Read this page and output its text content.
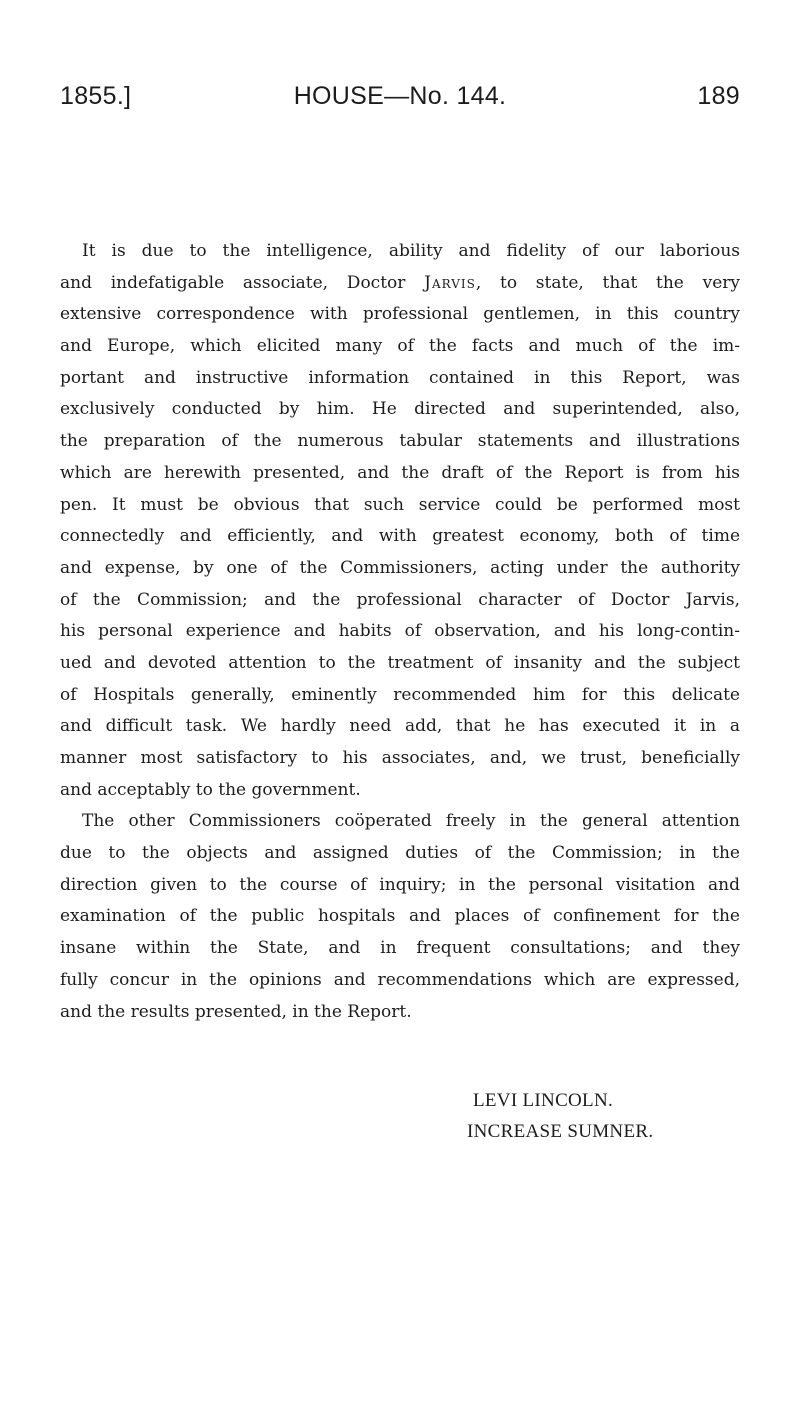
1855.]	HOUSE—No. 144.	189
It is due to the intelligence, ability and fidelity of our laborious
and indefatigable associate, Doctor Jarvis, to state, that the very
extensive correspondence with professional gentlemen, in this country
and Europe, which elicited many of the facts and much of the im-
portant and instructive information contained in this Report, was
exclusively conducted by him. He directed and superintended, also,
the preparation of the numerous tabular statements and illustrations
which are herewith presented, and the draft of the Report is from his
pen. It must be obvious that such service could be performed most
connectedly and efficiently, and with greatest economy, both of time
and expense, by one of the Commissioners, acting under the authority
of the Commission; and the professional character of Doctor Jarvis,
his personal experience and habits of observation, and his long-contin-
ued and devoted attention to the treatment of insanity and the subject
of Hospitals generally, eminently recommended him for this delicate
and difficult task. We hardly need add, that he has executed it in a
manner most satisfactory to his associates, and, we trust, beneficially
and acceptably to the government.
The other Commissioners coöperated freely in the general attention
due to the objects and assigned duties of the Commission; in the
direction given to the course of inquiry; in the personal visitation and
examination of the public hospitals and places of confinement for the
insane within the State, and in frequent consultations; and they
fully concur in the opinions and recommendations which are expressed,
and the results presented, in the Report.
LEVI LINCOLN.
INCREASE SUMNER.
